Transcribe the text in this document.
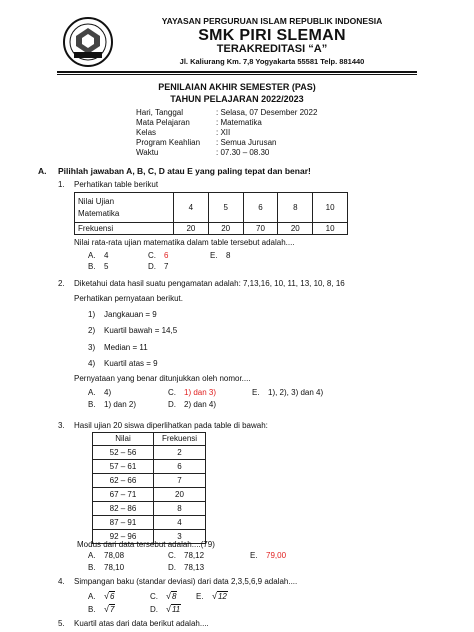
YAYASAN PERGURUAN ISLAM REPUBLIK INDONESIA
SMK PIRI SLEMAN
TERAKREDITASI “A”
Jl. Kaliurang Km. 7,8 Yogyakarta 55581 Telp. 881440
PENILAIAN AKHIR SEMESTER (PAS)
TAHUN PELAJARAN 2022/2023
Hari, Tanggal	: Selasa, 07 Desember 2022
Mata Pelajaran	: Matematika
Kelas	: XII
Program Keahlian : Semua Jurusan
Waktu	: 07.30 – 08.30
A. Pilihlah jawaban A, B, C, D atau E yang paling tepat dan benar!
1. Perhatikan table berikut
Nilai Ujian
Matematika	4	5	6	8	10
Frekuensi	20	20	70	20	10
Nilai rata-rata ujian matematika dalam table tersebut adalah....
A. 4	C. 6	E. 8
B. 5	D. 7
2. Diketahui data hasil suatu pengamatan adalah: 7,13,16, 10, 11, 13, 10, 8, 16
Perhatikan pernyataan berikut.
1) Jangkauan = 9
2) Kuartil bawah = 14,5
3) Median = 11
4) Kuartil atas = 9
Pernyataan yang benar ditunjukkan oleh nomor....
A. 4)	C. 1) dan 3)	E. 1), 2), 3) dan 4)
B. 1) dan 2)	D. 2) dan 4)
3. Hasil ujian 20 siswa diperlihatkan pada table di bawah:
Nilai	Frekuensi
52 – 56	2
57 – 61	6
62 – 66	7
67 – 71	20
82 – 86	8
87 – 91	4
92 – 96	3
Modus dari data tersebut adalah....(79)
A. 78,08	C. 78,12	E. 79,00
B. 78,10	D. 78,13
4. Simpangan baku (standar deviasi) dari data 2,3,5,6,9 adalah....
A. √6	C. √8 E. √12
B. √7	D. √11
5. Kuartil atas dari data berikut adalah....
